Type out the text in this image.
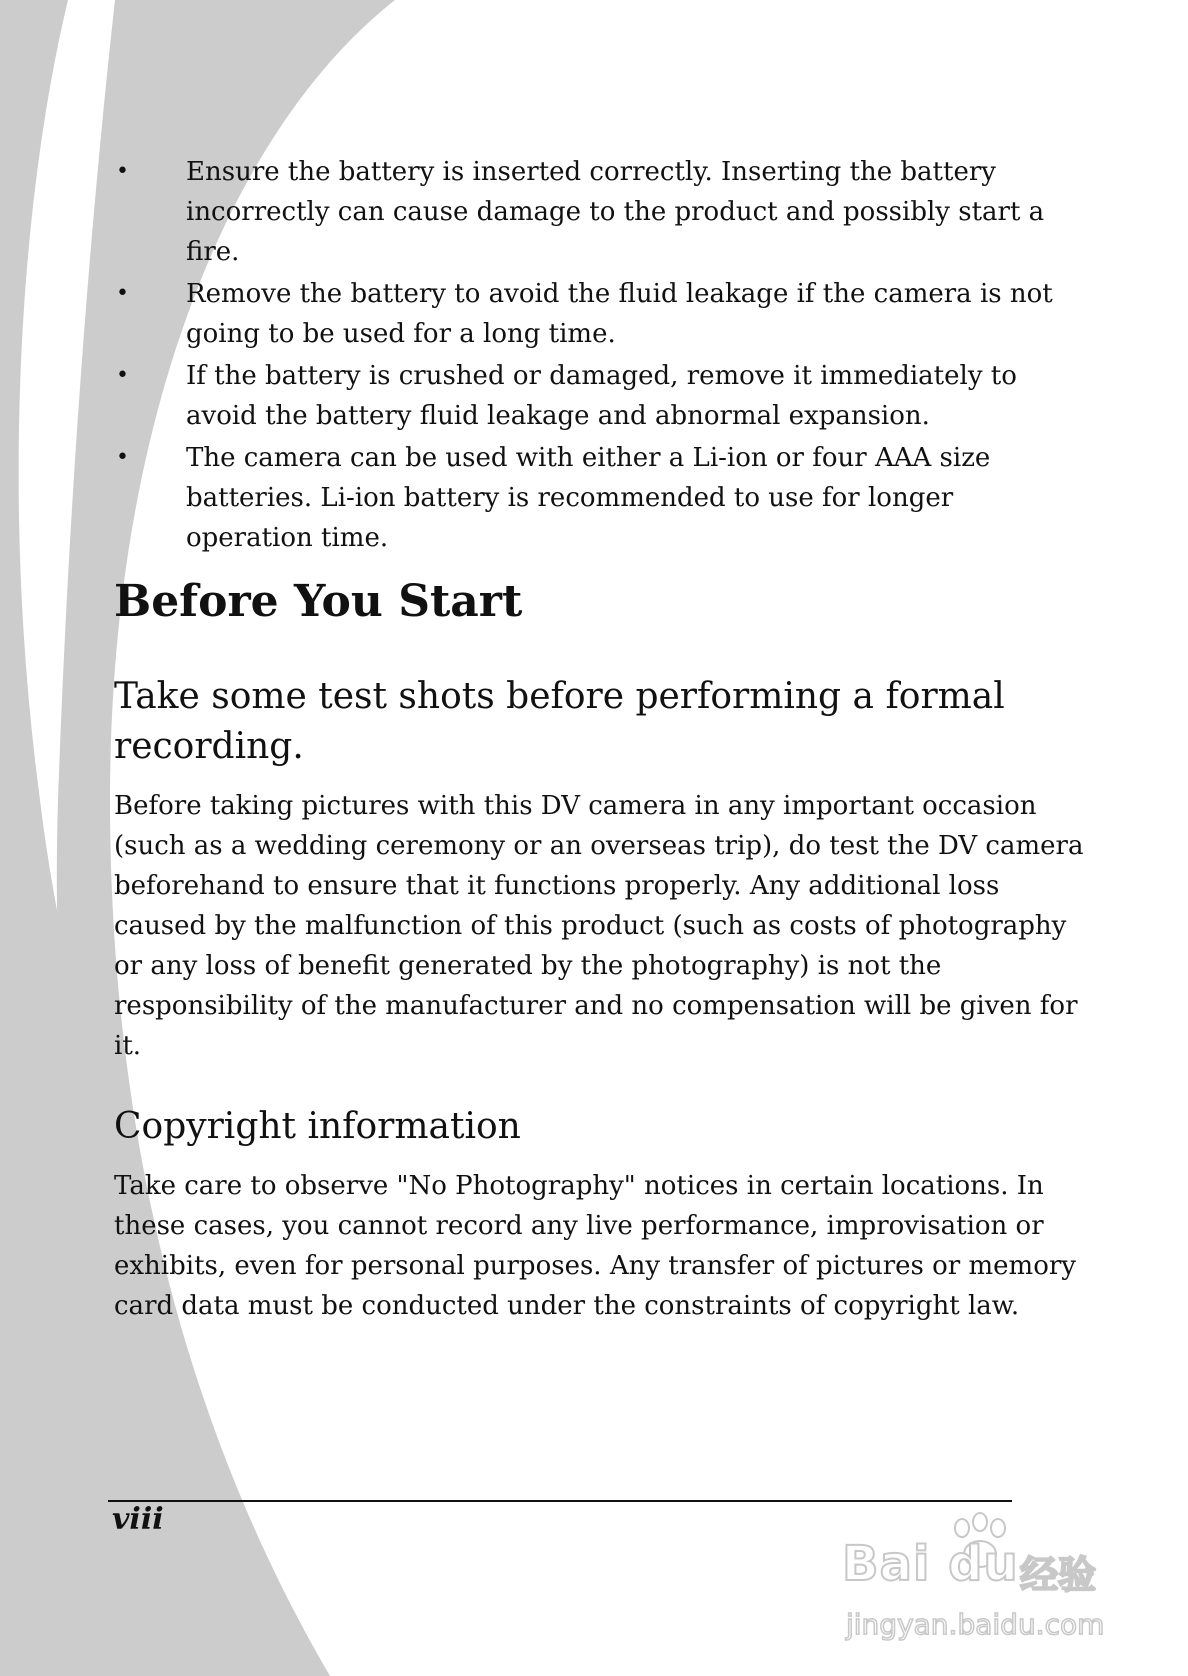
• Ensure the battery is inserted correctly. Inserting the battery incorrectly can cause damage to the product and possibly start a fire.
• Remove the battery to avoid the fluid leakage if the camera is not going to be used for a long time.
• If the battery is crushed or damaged, remove it immediately to avoid the battery fluid leakage and abnormal expansion.
• The camera can be used with either a Li-ion or four AAA size batteries. Li-ion battery is recommended to use for longer operation time.
Before You Start
Take some test shots before performing a formal recording.

Before taking pictures with this DV camera in any important occasion (such as a wedding ceremony or an overseas trip), do test the DV camera beforehand to ensure that it functions properly. Any additional loss caused by the malfunction of this product (such as costs of photography or any loss of benefit generated by the photography) is not the responsibility of the manufacturer and no compensation will be given for it.

Copyright information

Take care to observe "No Photography" notices in certain locations. In these cases, you cannot record any live performance, improvisation or exhibits, even for personal purposes. Any transfer of pictures or memory card data must be conducted under the constraints of copyright law.

viii
Bai du 经验
jingyan.baidu.com
